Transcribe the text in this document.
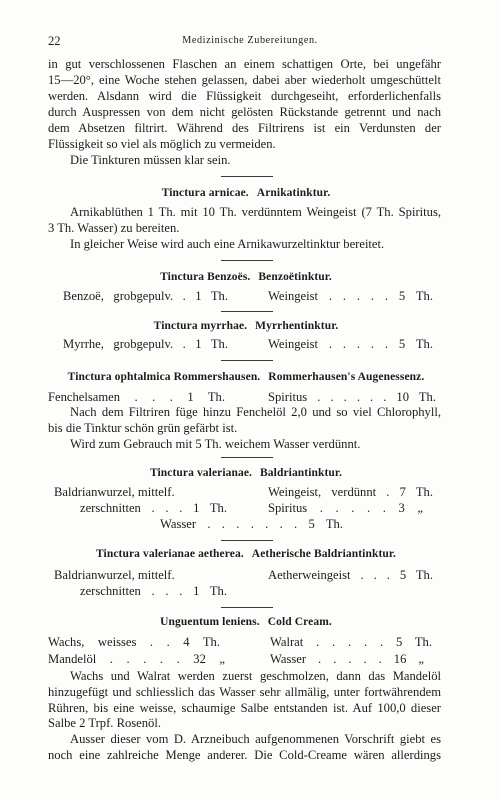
22	Medizinische Zubereitungen.
in gut verschlossenen Flaschen an einem schattigen Orte, bei ungefähr
15—20°, eine Woche stehen gelassen, dabei aber wiederholt umgeschüttelt
werden. Alsdann wird die Flüssigkeit durchgeseiht, erforderlichenfalls
durch Auspressen von dem nicht gelösten Rückstande getrennt und nach
dem Absetzen filtrirt. Während des Filtrirens ist ein Verdunsten der
Flüssigkeit so viel als möglich zu vermeiden.
Die Tinkturen müssen klar sein.
Tinctura arnicae. Arnikatinktur.
Arnikablüthen 1 Th. mit 10 Th. verdünntem Weingeist (7 Th. Spiritus,
3 Th. Wasser) zu bereiten.
In gleicher Weise wird auch eine Arnikawurzeltinktur bereitet.
Tinctura Benzoës. Benzoëtinktur.
Benzoë, grobgepulv. . 1 Th.	Weingeist . . . . . 5 Th.
Tinctura myrrhae. Myrrhentinktur.
Myrrhe, grobgepulv. . 1 Th.	Weingeist . . . . . 5 Th.
Tinctura ophtalmica Rommershausen. Rommerhausen's Augenessenz.
Fenchelsamen . . . 1 Th.	Spiritus . . . . . . 10 Th.
Nach dem Filtriren füge hinzu Fenchelöl 2,0 und so viel Chlorophyll,
bis die Tinktur schön grün gefärbt ist.
Wird zum Gebrauch mit 5 Th. weichem Wasser verdünnt.
Tinctura valerianae. Baldriantinktur.
Baldrianwurzel, mittelf.	Weingeist, verdünnt . 7 Th.
zerschnitten . . . 1 Th.	Spiritus . . . . . 3 „
Wasser . . . . . . . 5 Th.
Tinctura valerianae aetherea. Aetherische Baldriantinktur.
Baldrianwurzel, mittelf.	Aetherweingeist . . . 5 Th.
zerschnitten . . . 1 Th.
Unguentum leniens. Cold Cream.
Wachs, weisses . . 4 Th.	Walrat . . . . . 5 Th.
Mandelöl . . . . . 32 „	Wasser . . . . . 16 „
Wachs und Walrat werden zuerst geschmolzen, dann das Mandelöl
hinzugefügt und schliesslich das Wasser sehr allmälig, unter fortwährendem
Rühren, bis eine weisse, schaumige Salbe entstanden ist. Auf 100,0 dieser
Salbe 2 Trpf. Rosenöl.
Ausser dieser vom D. Arzneibuch aufgenommenen Vorschrift giebt es
noch eine zahlreiche Menge anderer. Die Cold-Creame wären allerdings
